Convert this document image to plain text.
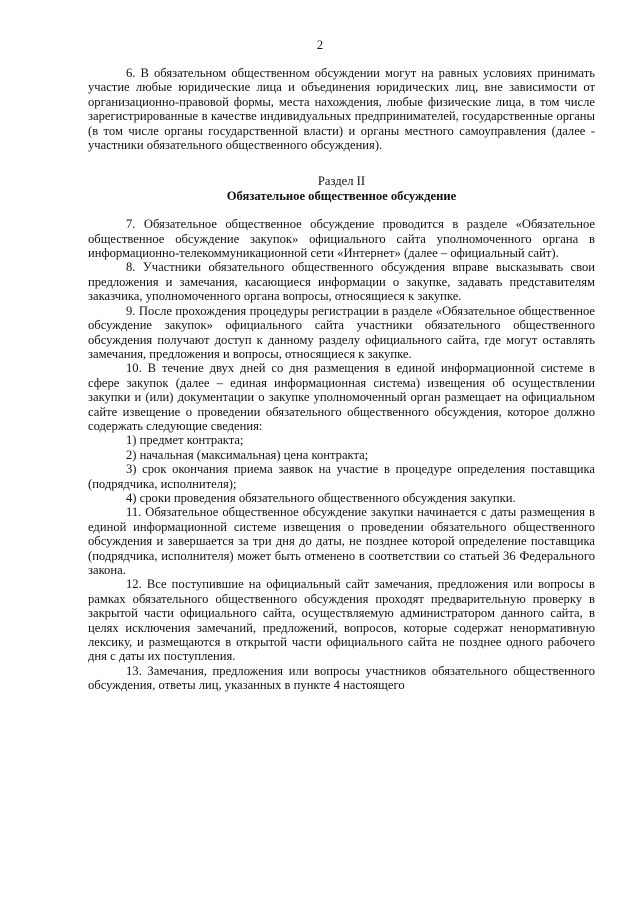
2

6. В обязательном общественном обсуждении могут на равных условиях принимать участие любые юридические лица и объединения юридических лиц, вне зависимости от организационно-правовой формы, места нахождения, любые физические лица, в том числе зарегистрированные в качестве индивидуальных предпринимателей, государственные органы (в том числе органы государственной власти) и органы местного самоуправления (далее - участники обязательного общественного обсуждения).

Раздел II

Обязательное общественное обсуждение

7. Обязательное общественное обсуждение проводится в разделе «Обязательное общественное обсуждение закупок» официального сайта уполномоченного органа в информационно-телекоммуникационной сети «Интернет» (далее – официальный сайт).

8. Участники обязательного общественного обсуждения вправе высказывать свои предложения и замечания, касающиеся информации о закупке, задавать представителям заказчика, уполномоченного органа вопросы, относящиеся к закупке.

9. После прохождения процедуры регистрации в разделе «Обязательное общественное обсуждение закупок» официального сайта участники обязательного общественного обсуждения получают доступ к данному разделу официального сайта, где могут оставлять замечания, предложения и вопросы, относящиеся к закупке.

10. В течение двух дней со дня размещения в единой информационной системе в сфере закупок (далее – единая информационная система) извещения об осуществлении закупки и (или) документации о закупке уполномоченный орган размещает на официальном сайте извещение о проведении обязательного общественного обсуждения, которое должно содержать следующие сведения:

1) предмет контракта;

2) начальная (максимальная) цена контракта;

3) срок окончания приема заявок на участие в процедуре определения поставщика (подрядчика, исполнителя);

4) сроки проведения обязательного общественного обсуждения закупки.

11. Обязательное общественное обсуждение закупки начинается с даты размещения в единой информационной системе извещения о проведении обязательного общественного обсуждения и завершается за три дня до даты, не позднее которой определение поставщика (подрядчика, исполнителя) может быть отменено в соответствии со статьей 36 Федерального закона.

12. Все поступившие на официальный сайт замечания, предложения или вопросы в рамках обязательного общественного обсуждения проходят предварительную проверку в закрытой части официального сайта, осуществляемую администратором данного сайта, в целях исключения замечаний, предложений, вопросов, которые содержат ненормативную лексику, и размещаются в открытой части официального сайта не позднее одного рабочего дня с даты их поступления.

13. Замечания, предложения или вопросы участников обязательного общественного обсуждения, ответы лиц, указанных в пункте 4 настоящего
